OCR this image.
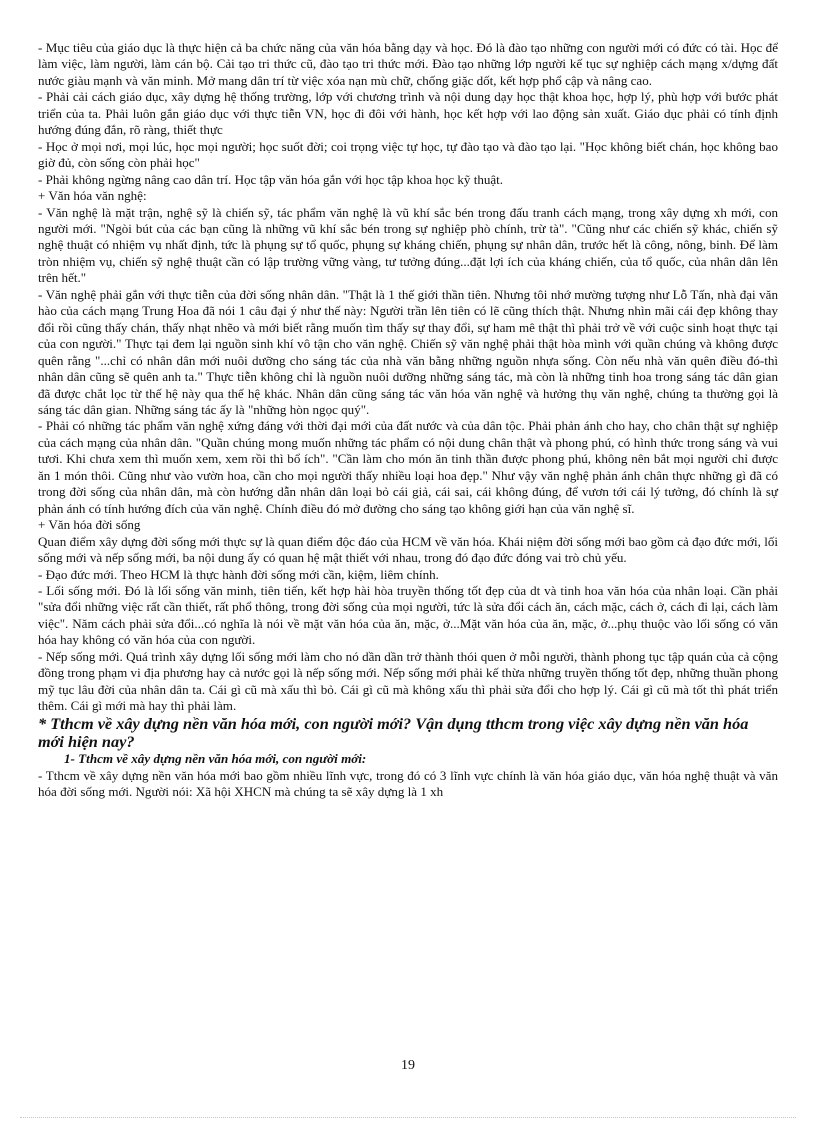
- Mục tiêu của giáo dục là thực hiện cả ba chức năng của văn hóa bằng dạy và học. Đó là đào tạo những con người mới có đức có tài. Học để làm việc, làm người, làm cán bộ. Cải tạo tri thức cũ, đào tạo tri thức mới. Đào tạo những lớp người kế tục sự nghiệp cách mạng x/dựng đất nước giàu mạnh và văn minh. Mở mang dân trí từ việc xóa nạn mù chữ, chống giặc dốt, kết hợp phổ cập và nâng cao.

- Phải cải cách giáo dục, xây dựng hệ thống trường, lớp với chương trình và nội dung dạy học thật khoa học, hợp lý, phù hợp với bước phát triển của ta. Phải luôn gắn giáo dục với thực tiễn VN, học đi đôi với hành, học kết hợp với lao động sản xuất. Giáo dục phải có tính định hướng đúng đắn, rõ ràng, thiết thực

- Học ở mọi nơi, mọi lúc, học mọi người; học suốt đời; coi trọng việc tự học, tự đào tạo và đào tạo lại. "Học không biết chán, học không bao giờ đủ, còn sống còn phải học"

- Phải không ngừng nâng cao dân trí. Học tập văn hóa gắn với học tập khoa học kỹ thuật.

+ Văn hóa văn nghệ:

- Văn nghệ là mặt trận, nghệ sỹ là chiến sỹ, tác phẩm văn nghệ là vũ khí sắc bén trong đấu tranh cách mạng, trong xây dựng xh mới, con người mới. "Ngòi bút của các bạn cũng là những vũ khí sắc bén trong sự nghiệp phò chính, trừ tà". "Cũng như các chiến sỹ khác, chiến sỹ nghệ thuật có nhiệm vụ nhất định, tức là phụng sự tổ quốc, phụng sự kháng chiến, phụng sự nhân dân, trước hết là công, nông, binh. Để làm tròn nhiệm vụ, chiến sỹ nghệ thuật cần có lập trường vững vàng, tư tưởng đúng...đặt lợi ích của kháng chiến, của tổ quốc, của nhân dân lên trên hết."

- Văn nghệ phải gắn với thực tiễn của đời sống nhân dân. "Thật là 1 thế giới thần tiên. Nhưng tôi nhớ mường tượng như Lỗ Tấn, nhà đại văn hào của cách mạng Trung Hoa đã nói 1 câu đại ý như thế này: Người trần lên tiên có lẽ cũng thích thật. Nhưng nhìn mãi cái đẹp không thay đổi rồi cũng thấy chán, thấy nhạt nhẽo và mới biết rằng muốn tìm thấy sự thay đổi, sự ham mê thật thì phải trở về với cuộc sinh hoạt thực tại của con người." Thực tại đem lại nguồn sinh khí vô tận cho văn nghệ. Chiến sỹ văn nghệ phải thật hòa mình với quần chúng và không được quên rằng "...chỉ có nhân dân mới nuôi dưỡng cho sáng tác của nhà văn bằng những nguồn nhựa sống. Còn nếu nhà văn quên điều đó-thì nhân dân cũng sẽ quên anh ta." Thực tiễn không chỉ là nguồn nuôi dưỡng những sáng tác, mà còn là những tinh hoa trong sáng tác dân gian đã được chắt lọc từ thế hệ này qua thế hệ khác. Nhân dân cũng sáng tác văn hóa văn nghệ và hưởng thụ văn nghệ, chúng ta thường gọi là sáng tác dân gian. Những sáng tác ấy là "những hòn ngọc quý".

- Phải có những tác phẩm văn nghệ xứng đáng với thời đại mới của đất nước và của dân tộc. Phải phản ánh cho hay, cho chân thật sự nghiệp của cách mạng của nhân dân. "Quần chúng mong muốn những tác phẩm có nội dung chân thật và phong phú, có hình thức trong sáng và vui tươi. Khi chưa xem thì muốn xem, xem rồi thì bổ ích". "Cần làm cho món ăn tinh thần được phong phú, không nên bắt mọi người chỉ được ăn 1 món thôi. Cũng như vào vườn hoa, cần cho mọi người thấy nhiều loại hoa đẹp." Như vậy văn nghệ phản ánh chân thực những gì đã có trong đời sống của nhân dân, mà còn hướng dẫn nhân dân loại bỏ cái giả, cái sai, cái không đúng, để vươn tới cái lý tưởng, đó chính là sự phản ánh có tính hướng đích của văn nghệ. Chính điều đó mở đường cho sáng tạo không giới hạn của văn nghệ sĩ.

+ Văn hóa đời sống

Quan điểm xây dựng đời sống mới thực sự là quan điểm độc đáo của HCM về văn hóa. Khái niệm đời sống mới bao gồm cả đạo đức mới, lối sống mới và nếp sống mới, ba nội dung ấy có quan hệ mật thiết với nhau, trong đó đạo đức đóng vai trò chủ yếu.

- Đạo đức mới. Theo HCM là thực hành đời sống mới cần, kiệm, liêm chính.

- Lối sống mới. Đó là lối sống văn minh, tiên tiến, kết hợp hài hòa truyền thống tốt đẹp của dt và tinh hoa văn hóa của nhân loại. Cần phải "sửa đổi những việc rất cần thiết, rất phổ thông, trong đời sống của mọi người, tức là sửa đổi cách ăn, cách mặc, cách ở, cách đi lại, cách làm việc". Năm cách phải sửa đổi...có nghĩa là nói về mặt văn hóa của ăn, mặc, ở...Mặt văn hóa của ăn, mặc, ở...phụ thuộc vào lối sống có văn hóa hay không có văn hóa của con người.

- Nếp sống mới. Quá trình xây dựng lối sống mới làm cho nó dần dần trở thành thói quen ở mỗi người, thành phong tục tập quán của cả cộng đồng trong phạm vi địa phương hay cả nước gọi là nếp sống mới. Nếp sống mới phải kế thừa những truyền thống tốt đẹp, những thuần phong mỹ tục lâu đời của nhân dân ta. Cái gì cũ mà xấu thì bỏ. Cái gì cũ mà không xấu thì phải sửa đổi cho hợp lý. Cái gì cũ mà tốt thì phát triển thêm. Cái gì mới mà hay thì phải làm.

* Tthcm về xây dựng nền văn hóa mới, con người mới? Vận dụng tthcm trong việc xây dựng nền văn hóa mới hiện nay?

1- Tthcm về xây dựng nền văn hóa mới, con người mới:

- Tthcm về xây dựng nền văn hóa mới bao gồm nhiều lĩnh vực, trong đó có 3 lĩnh vực chính là văn hóa giáo dục, văn hóa nghệ thuật và văn hóa đời sống mới. Người nói: Xã hội XHCN mà chúng ta sẽ xây dựng là 1 xh

19
